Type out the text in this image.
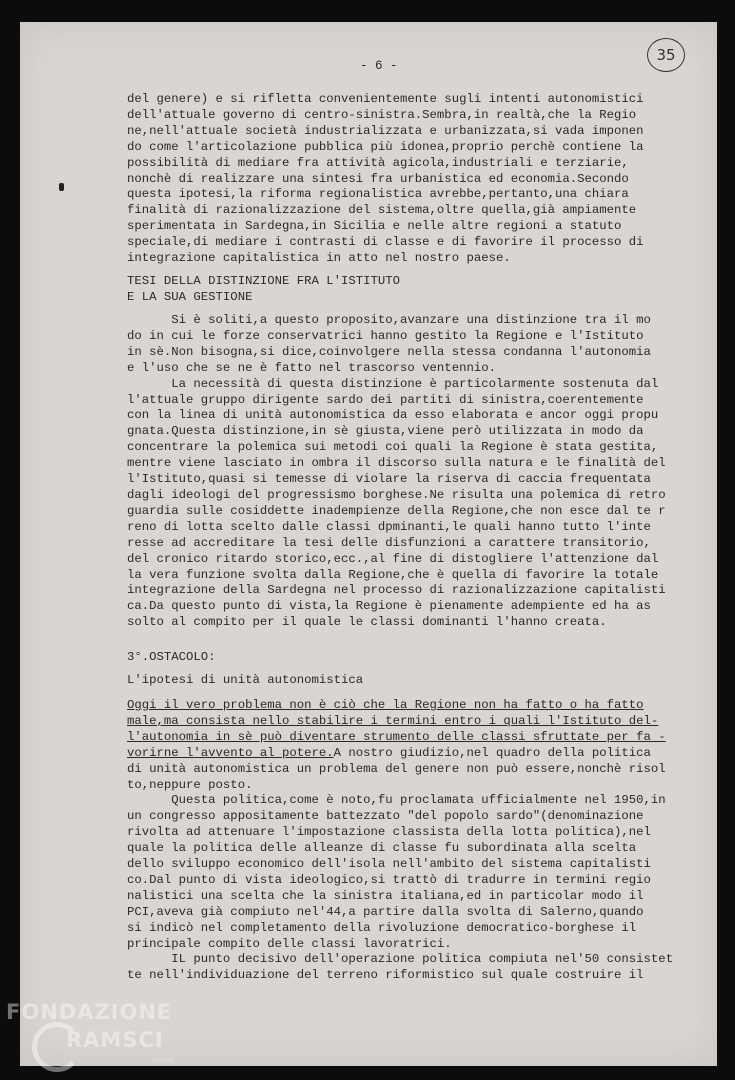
- 6 -
35
del genere) e si rifletta convenientemente sugli intenti autonomistici
dell'attuale governo di centro-sinistra.Sembra,in realtà,che la Regio
ne,nell'attuale società industrializzata e urbanizzata,si vada imponen
do come l'articolazione pubblica più idonea,proprio perchè contiene
possibilità di mediare fra attività agicola,industriali e terziarie,
nonchè di realizzare una sintesi fra urbanistica ed economia.Secondo
questa ipotesi,la riforma regionalistica avrebbe,pertanto,una chiara
finalità di razionalizzazione del sistema,oltre quella,già ampiamente
sperimentata in Sardegna,in Sicilia e nelle altre regioni a statuto
speciale,di mediare i contrasti di classe e di favorire il processo
integrazione capitalistica in atto nel nostro paese.
TESI DELLA DISTINZIONE FRA L'ISTITUTO
E LA SUA GESTIONE
Si è soliti,a questo proposito,avanzare una distinzione tra il
do in cui le forze conservatrici hanno gestito la Regione e l'Istituto
in sè.Non bisogna,si dice,coinvolgere nella stessa condanna l'autonomia
e l'uso che se ne è fatto nel trascorso ventennio.
La necessità di questa distinzione è particolarmente sostenuta
l'attuale gruppo dirigente sardo dei partiti di sinistra,coerentemente
con la linea di unità autonomistica da esso elaborata e ancor oggi
gnata.Questa distinzione,in sè giusta,viene però utilizzata in modo
concentrare la polemica sui metodi coi quali la Regione è stata
mentre viene lasciato in ombra il discorso sulla natura e le finalità
l'Istituto,quasi si temesse di violare la riserva di caccia frequentata
dagli ideologi del progressismo borghese.Ne risulta una polemica di
guardia sulle cosiddette inadempienze della Regione,che non esce dal
reno di lotta scelto dalle classi dpminanti,le quali hanno tutto
resse ad accreditare la tesi delle disfunzioni a carattere transitorio,
del cronico ritardo storico,ecc.,al fine di distogliere l'attenzione
la vera funzione svolta dalla Regione,che è quella di favorire la
integrazione della Sardegna nel processo di razionalizzazione capitalisti
ca.Da questo punto di vista,la Regione è pienamente adempiente ed ha
solto al compito per il quale le classi dominanti l'hanno creata.
3°.OSTACOLO:
L'ipotesi di unità autonomistica
Oggi il vero problema non è ciò che la Regione non ha fatto o ha fatto
male,ma consista nello stabilire i termini entro i quali l'Istituto
l'autonomia in sè può diventare strumento delle classi sfruttate per
vorirne l'avvento al potere.A nostro giudizio,nel quadro della politica
di unità autonomistica un problema del genere non può essere,nonchè
to,neppure posto.
Questa politica,come è noto,fu proclamata ufficialmente nel
un congresso appositamente battezzato "del popolo sardo"(denominazione
rivolta ad attenuare l'impostazione classista della lotta politica),nel
quale la politica delle alleanze di classe fu subordinata alla scelta
dello sviluppo economico dell'isola nell'ambito del sistema capitalisti
co.Dal punto di vista ideologico,si trattò di tradurre in termini
nalistici una scelta che la sinistra italiana,ed in particolar modo
PCI,aveva già compiuto nel'44,a partire dalla svolta di Salerno,quando
si indicò nel completamento della rivoluzione democratico-borghese
principale compito delle classi lavoratrici.
IL punto decisivo dell'operazione politica compiuta nel'50
te nell'individuazione del terreno riformistico sul quale costruire
FONDAZIONE
RAMSCI
onlus
